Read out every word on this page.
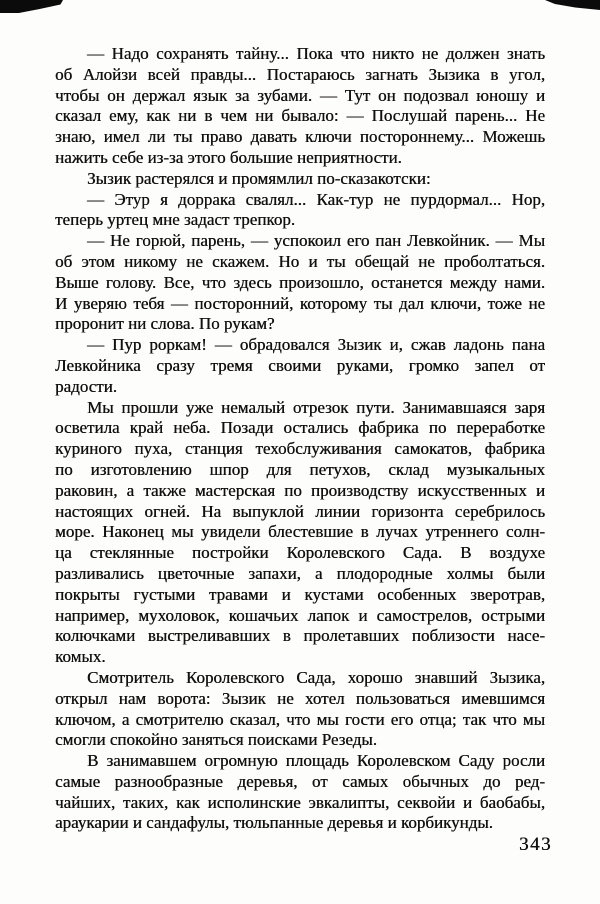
— Надо сохранять тайну... Пока что никто не должен знать
об Алойзи всей правды... Постараюсь загнать Зызика в угол,
чтобы он держал язык за зубами. — Тут он подозвал юношу и
сказал ему, как ни в чем ни бывало: — Послушай парень... Не
знаю, имел ли ты право давать ключи постороннему... Можешь
нажить себе из-за этого большие неприятности.
Зызик растерялся и промямлил по-сказакотски:
— Этур я доррака свалял... Как-тур не пурдормал... Нор,
теперь уртец мне задаст трепкор.
— Не горюй, парень, — успокоил его пан Левкойник. — Мы
об этом никому не скажем. Но и ты обещай не проболтаться.
Выше голову. Все, что здесь произошло, останется между нами.
И уверяю тебя — посторонний, которому ты дал ключи, тоже не
проронит ни слова. По рукам?
— Пур роркам! — обрадовался Зызик и, сжав ладонь пана
Левкойника сразу тремя своими руками, громко запел от
радости.
Мы прошли уже немалый отрезок пути. Занимавшаяся заря
осветила край неба. Позади остались фабрика по переработке
куриного пуха, станция техобслуживания самокатов, фабрика
по изготовлению шпор для петухов, склад музыкальных
раковин, а также мастерская по производству искусственных и
настоящих огней. На выпуклой линии горизонта серебрилось
море. Наконец мы увидели блестевшие в лучах утреннего солн-
ца стеклянные постройки Королевского Сада. В воздухе
разливались цветочные запахи, а плодородные холмы были
покрыты густыми травами и кустами особенных зверотрав,
например, мухоловок, кошачьих лапок и самострелов, острыми
колючками выстреливавших в пролетавших поблизости насе-
комых.
Смотритель Королевского Сада, хорошо знавший Зызика,
открыл нам ворота: Зызик не хотел пользоваться имевшимся
ключом, а смотрителю сказал, что мы гости его отца; так что мы
смогли спокойно заняться поисками Резеды.
В занимавшем огромную площадь Королевском Саду росли
самые разнообразные деревья, от самых обычных до ред-
чайших, таких, как исполинские эвкалипты, секвойи и баобабы,
араукарии и сандафулы, тюльпанные деревья и корбикунды.
343
